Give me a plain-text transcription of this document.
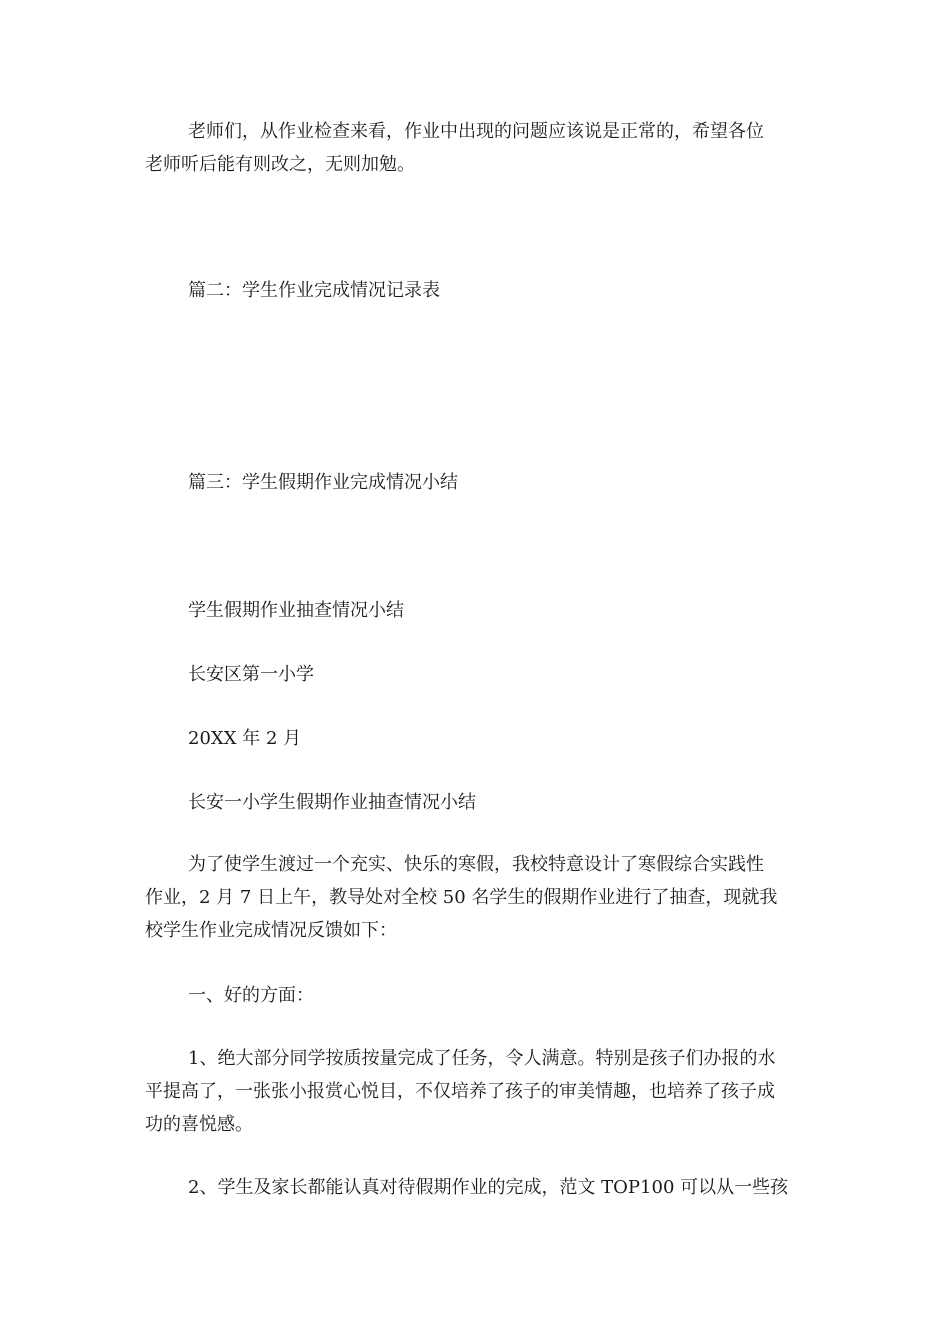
老师们，从作业检查来看，作业中出现的问题应该说是正常的，希望各位

老师听后能有则改之，无则加勉。

篇二：学生作业完成情况记录表

篇三：学生假期作业完成情况小结

学生假期作业抽查情况小结

长安区第一小学

20XX 年 2 月

长安一小学生假期作业抽查情况小结

为了使学生渡过一个充实、快乐的寒假，我校特意设计了寒假综合实践性

作业，2 月 7 日上午，教导处对全校 50 名学生的假期作业进行了抽查，现就我

校学生作业完成情况反馈如下：

一、好的方面：

1、绝大部分同学按质按量完成了任务，令人满意。特别是孩子们办报的水

平提高了，一张张小报赏心悦目，不仅培养了孩子的审美情趣，也培养了孩子成

功的喜悦感。

2、学生及家长都能认真对待假期作业的完成，范文 TOP100 可以从一些孩
